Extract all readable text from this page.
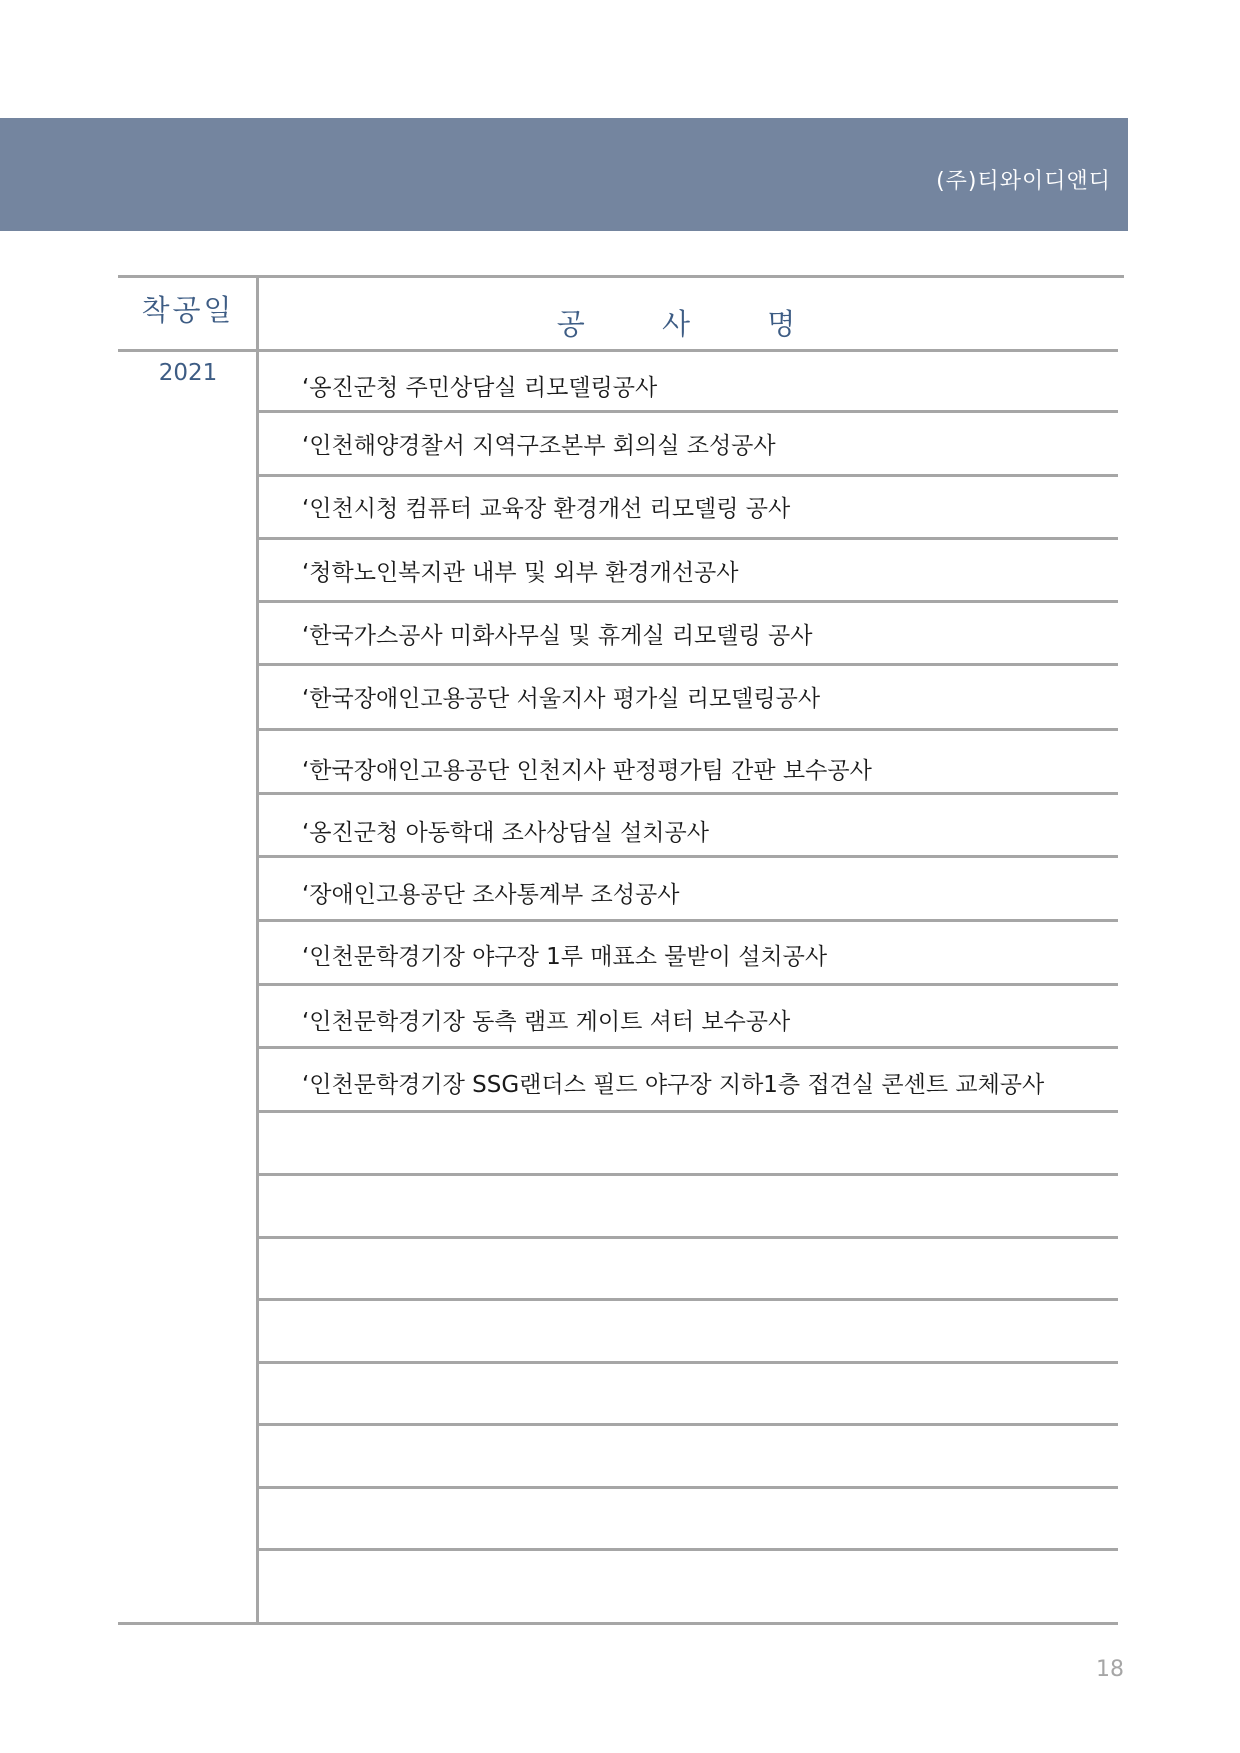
(주)티와이디앤디
착공일	공 사 명
2021
‘옹진군청 주민상담실 리모델링공사
‘인천해양경찰서 지역구조본부 회의실 조성공사
‘인천시청 컴퓨터 교육장 환경개선 리모델링 공사
‘청학노인복지관 내부 및 외부 환경개선공사
‘한국가스공사 미화사무실 및 휴게실 리모델링 공사
‘한국장애인고용공단 서울지사 평가실 리모델링공사
‘한국장애인고용공단 인천지사 판정평가팀 간판 보수공사
‘옹진군청 아동학대 조사상담실 설치공사
‘장애인고용공단 조사통계부 조성공사
‘인천문학경기장 야구장 1루 매표소 물받이 설치공사
‘인천문학경기장 동측 램프 게이트 셔터 보수공사
‘인천문학경기장 SSG랜더스 필드 야구장 지하1층 접견실 콘센트 교체공사
18
